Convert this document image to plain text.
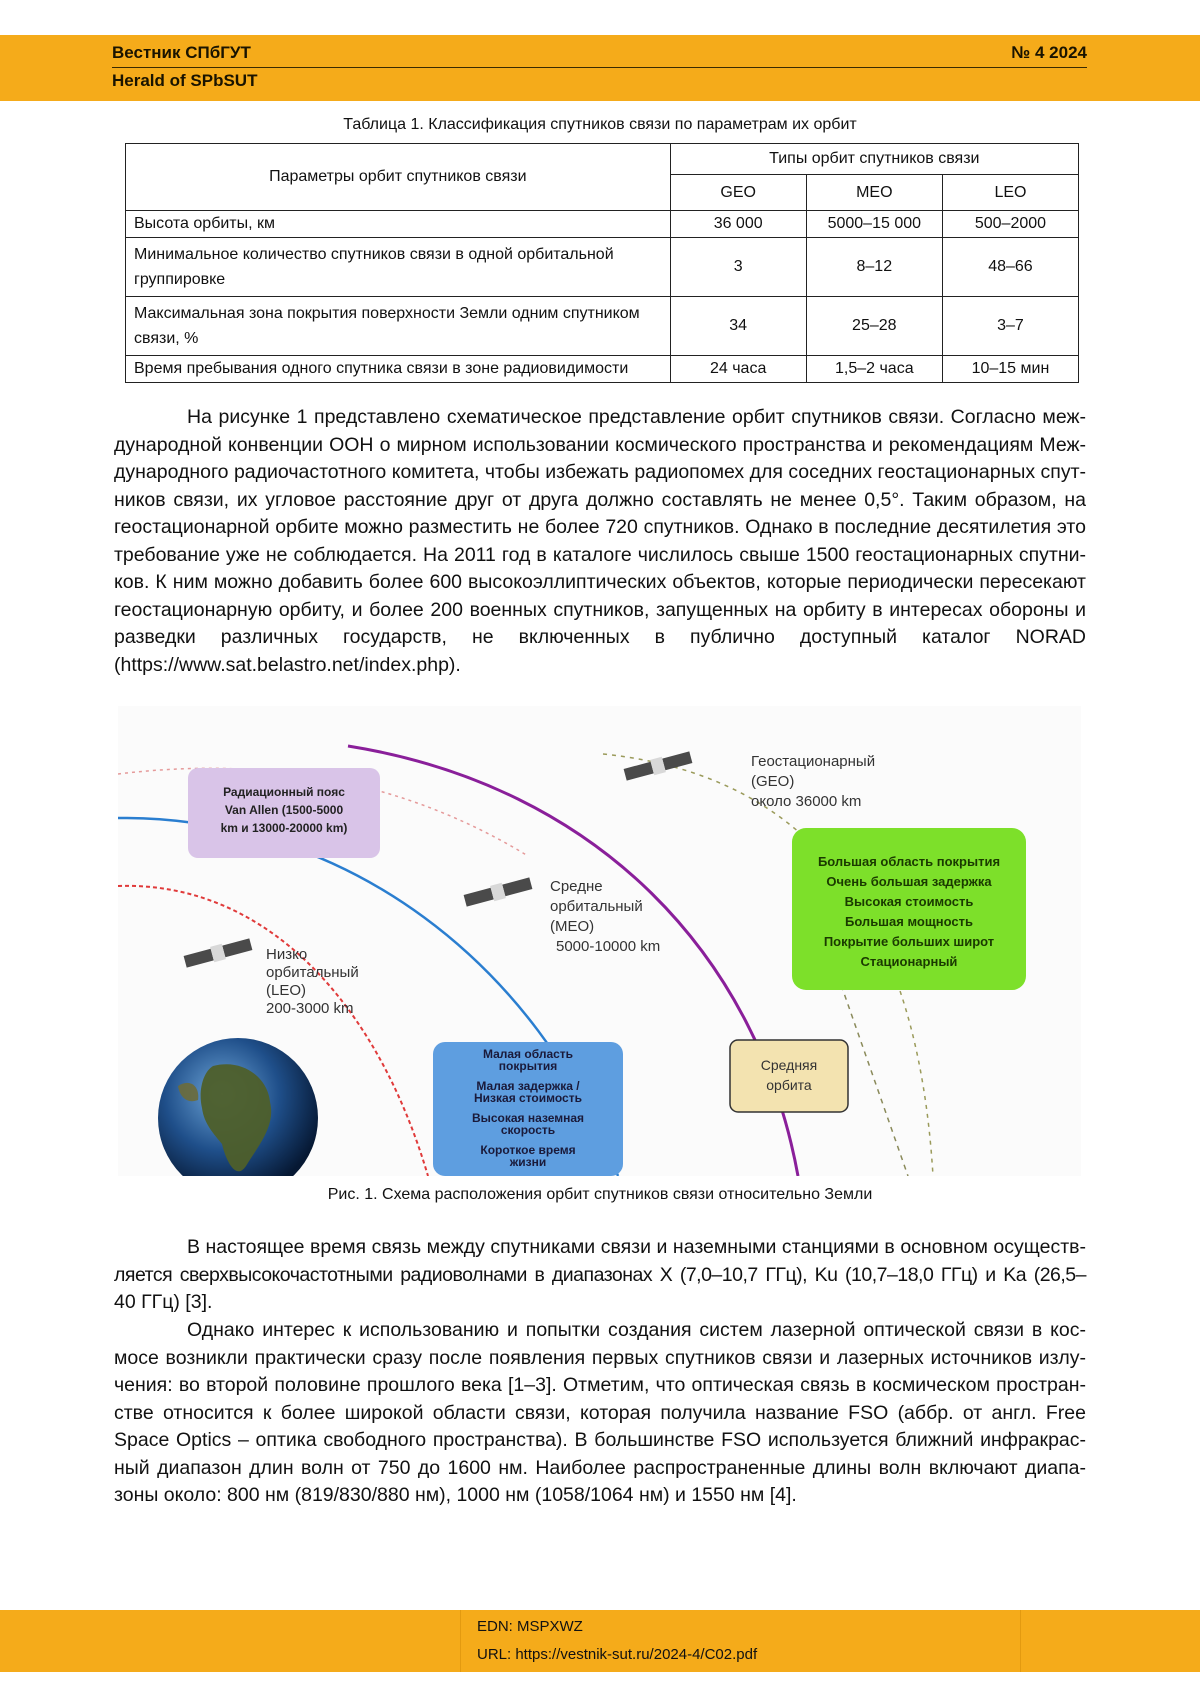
Вестник СПбГУТ
Herald of SPbSUT
№ 4 2024
Таблица 1. Классификация спутников связи по параметрам их орбит
Параметры орбит спутников связи	Типы орбит спутников связи		
	GEO	MEO	LEO
Высота орбиты, км	36 000	5000–15 000	500–2000
Минимальное количество спутников связи в одной орбитальной группировке	3	8–12	48–66
Максимальная зона покрытия поверхности Земли одним спутником связи, %	34	25–28	3–7
Время пребывания одного спутника связи в зоне радиовидимости	24 часа	1,5–2 часа	10–15 мин
На рисунке 1 представлено схематическое представление орбит спутников связи. Согласно меж-
дународной конвенции ООН о мирном использовании космического пространства и рекомендациям Меж-
дународного радиочастотного комитета, чтобы избежать радиопомех для соседних геостационарных спут-
ников связи, их угловое расстояние друг от друга должно составлять не менее 0,5°. Таким образом, на
геостационарной орбите можно разместить не более 720 спутников. Однако в последние десятилетия это
требование уже не соблюдается. На 2011 год в каталоге числилось свыше 1500 геостационарных спутни-
ков. К ним можно добавить более 600 высокоэллиптических объектов, которые периодически пересекают
геостационарную орбиту, и более 200 военных спутников, запущенных на орбиту в интересах обороны и
разведки различных государств, не включенных в публично доступный каталог NORAD
(https://www.sat.belastro.net/index.php).
Радиационный пояс
Van Allen (1500-5000
km и 13000-20000 km)
Геостационарный
(GEO)
около 36000 km
Большая область покрытия
Очень большая задержка
Высокая стоимость
Большая мощность
Покрытие больших широт
Стационарный
Средне
орбитальный
(MEO)
5000-10000 km
Низко
орбитальный
(LEO)
200-3000 km
Малая область
покрытия
Малая задержка /
Низкая стоимость
Высокая наземная
скорость
Короткое время
жизни
Средняя
орбита
Рис. 1. Схема расположения орбит спутников связи относительно Земли
В настоящее время связь между спутниками связи и наземными станциями в основном осуществ-
ляется сверхвысокочастотными радиоволнами в диапазонах X (7,0–10,7 ГГц), Ku (10,7–18,0 ГГц) и Ka (26,5–
40 ГГц) [3].
Однако интерес к использованию и попытки создания систем лазерной оптической связи в кос-
мосе возникли практически сразу после появления первых спутников связи и лазерных источников излу-
чения: во второй половине прошлого века [1–3]. Отметим, что оптическая связь в космическом простран-
стве относится к более широкой области связи, которая получила название FSO (аббр. от англ. Free
Space Optics – оптика свободного пространства). В большинстве FSO используется ближний инфракрас-
ный диапазон длин волн от 750 до 1600 нм. Наиболее распространенные длины волн включают диапа-
зоны около: 800 нм (819/830/880 нм), 1000 нм (1058/1064 нм) и 1550 нм [4].
EDN: MSPXWZ
URL: https://vestnik-sut.ru/2024-4/C02.pdf
